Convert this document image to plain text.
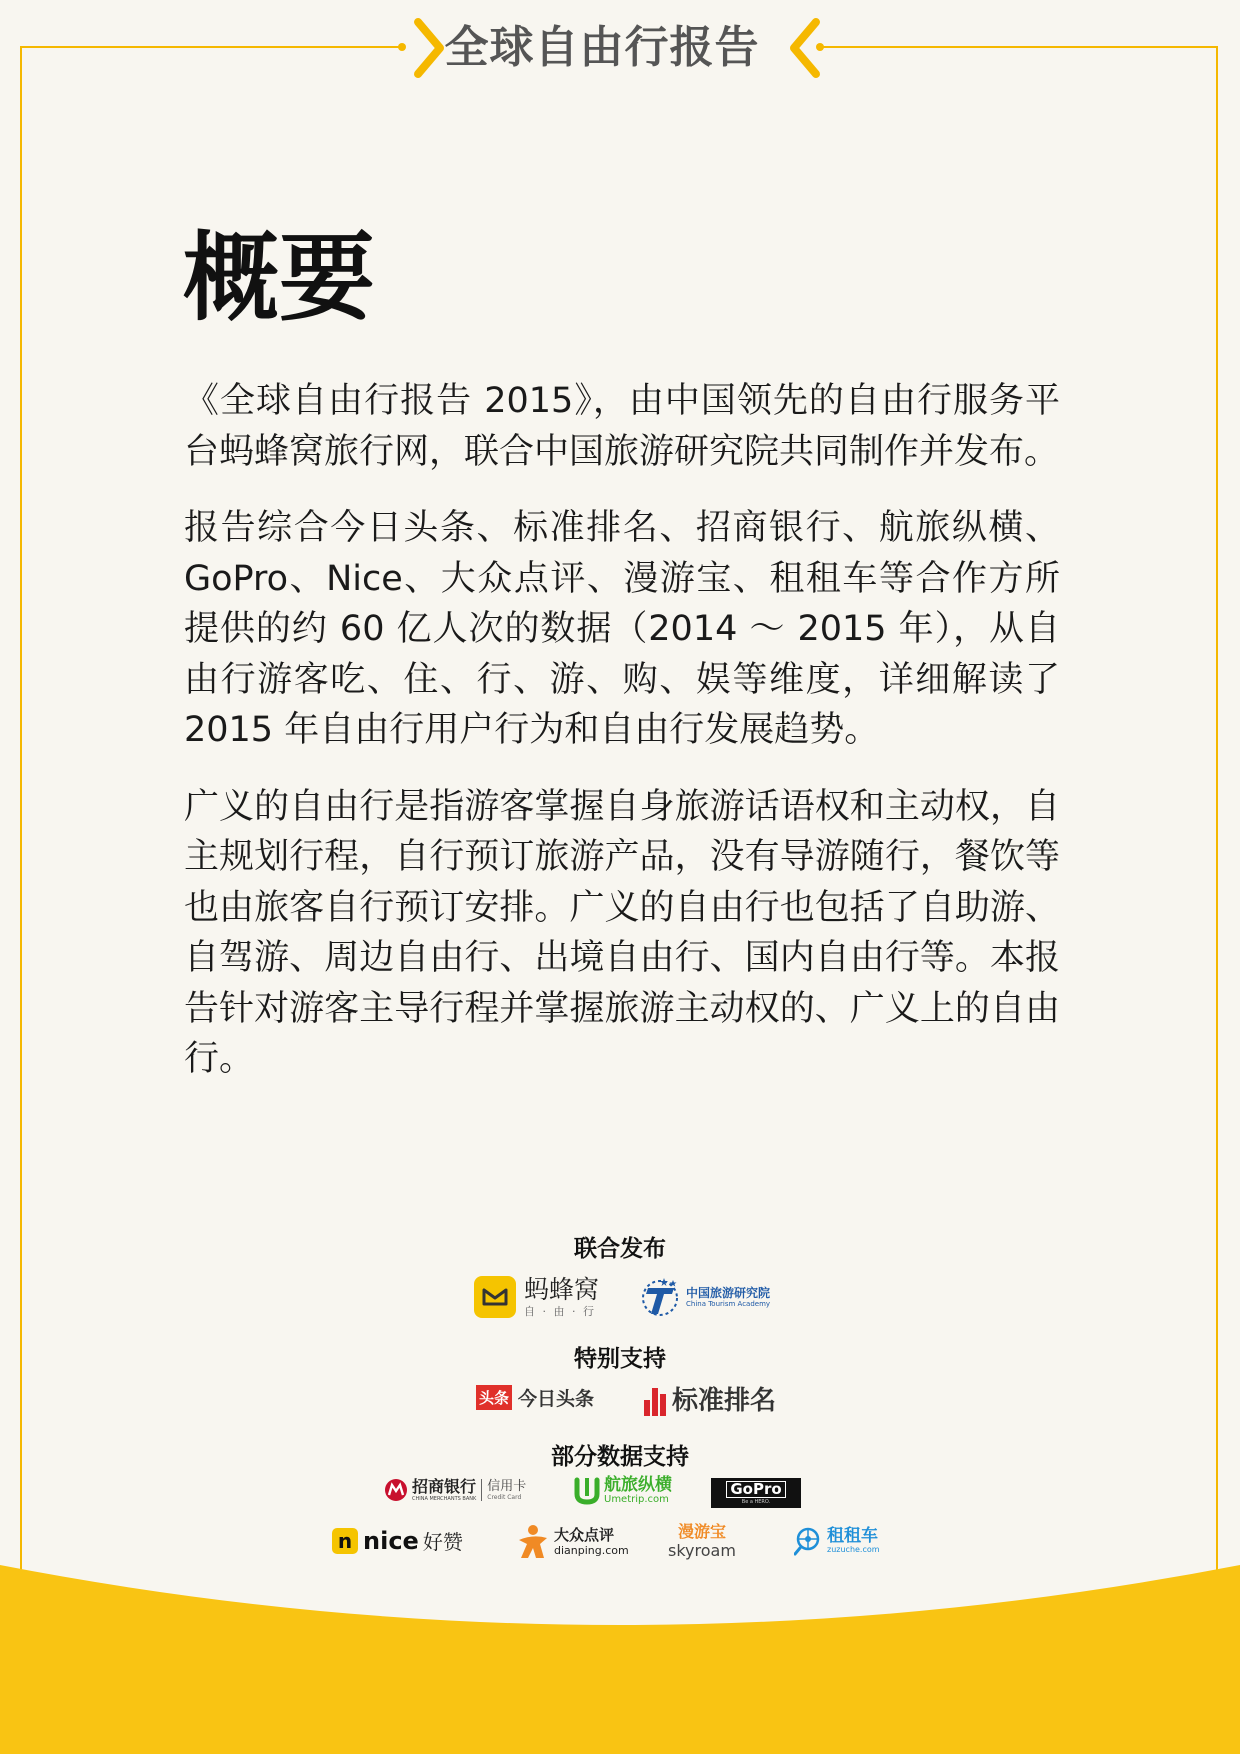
全球自由行报告
概要

《全球自由行报告 2015》，由中国领先的自由行服务平台蚂蜂窝旅行网，联合中国旅游研究院共同制作并发布。

报告综合今日头条、标准排名、招商银行、航旅纵横、GoPro、Nice、大众点评、漫游宝、租租车等合作方所提供的约 60 亿人次的数据（2014 ～ 2015 年），从自由行游客吃、住、行、游、购、娱等维度，详细解读了 2015 年自由行用户行为和自由行发展趋势。

广义的自由行是指游客掌握自身旅游话语权和主动权，自主规划行程，自行预订旅游产品，没有导游随行，餐饮等也由旅客自行预订安排。广义的自由行也包括了自助游、自驾游、周边自由行、出境自由行、国内自由行等。本报告针对游客主导行程并掌握旅游主动权的、广义上的自由行。

联合发布
蚂蜂窝
自 · 由 · 行
中国旅游研究院
China Tourism Academy
特别支持
头条 今日头条	标准排名
部分数据支持
招商银行
CHINA MERCHANTS BANK
信用卡
Credit Card
航旅纵横
Umetrip.com
GoPro
Be a HERO.
n nice 好赞	大众点评
dianping.com
漫游宝
skyroam
租租车
zuzuche.com
